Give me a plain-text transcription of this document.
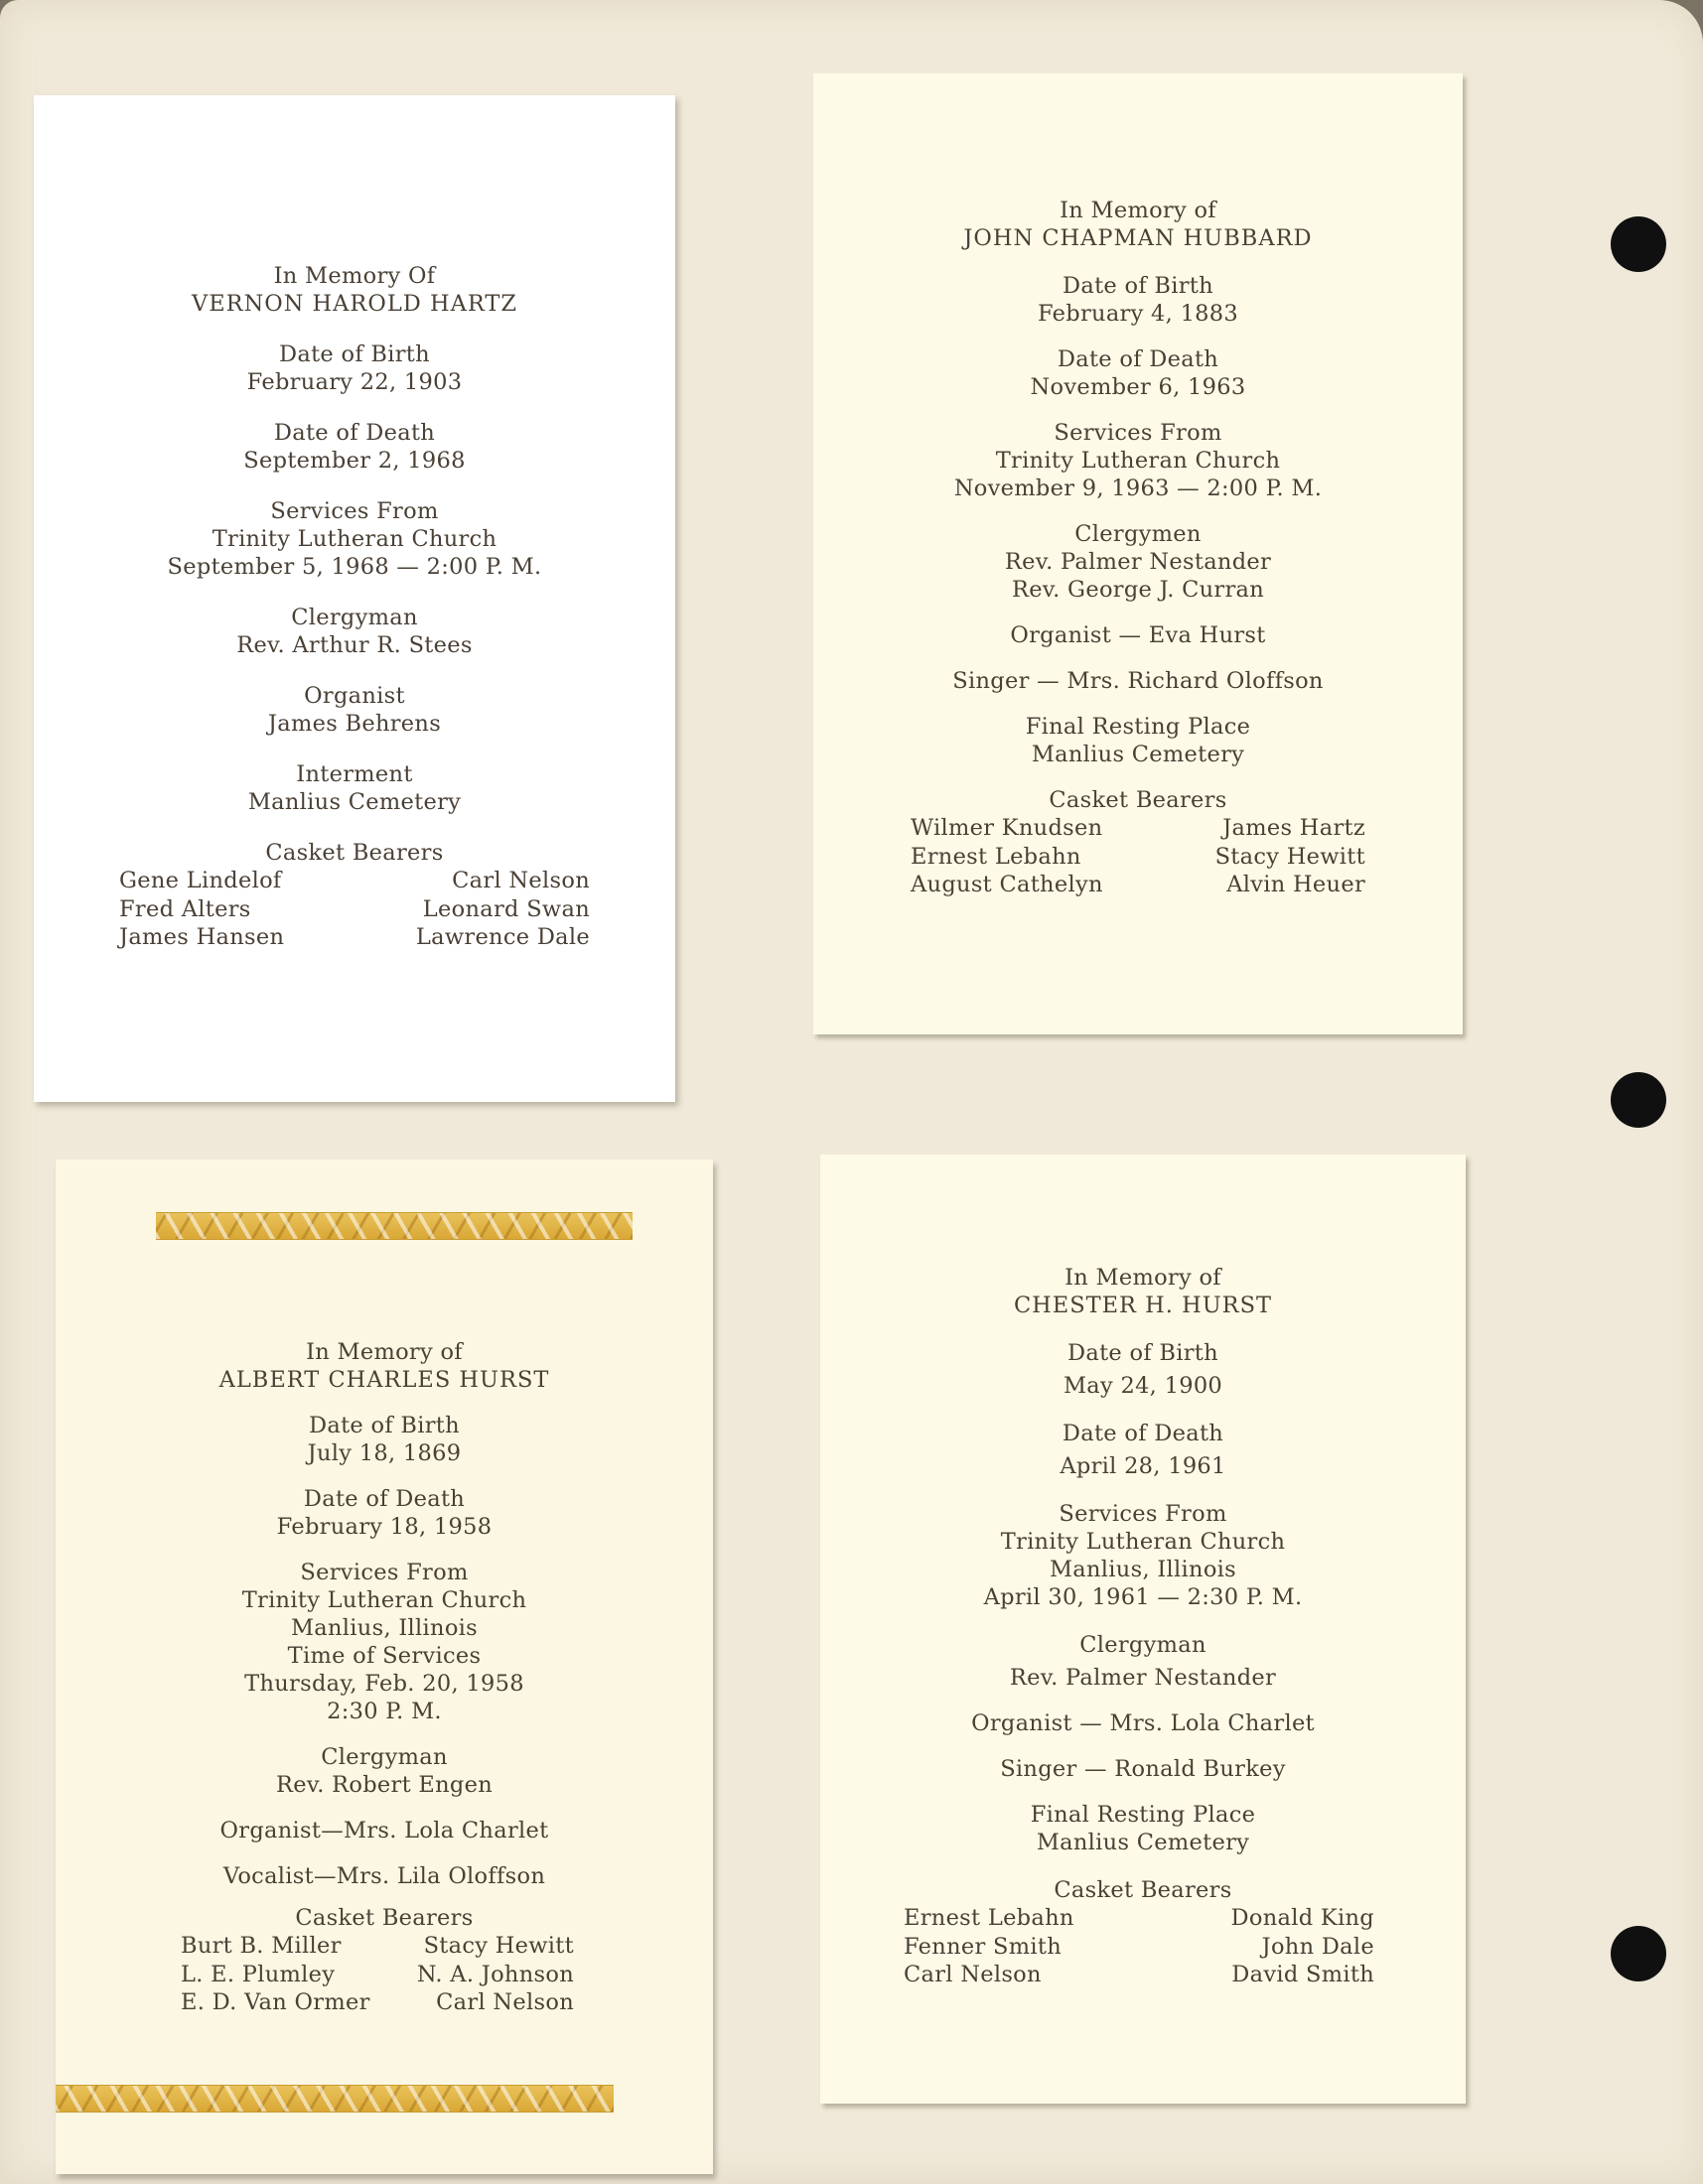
In Memory Of
VERNON HAROLD HARTZ
Date of Birth
February 22, 1903
Date of Death
September 2, 1968
Services From
Trinity Lutheran Church
September 5, 1968 — 2:00 P. M.
Clergyman
Rev. Arthur R. Stees
Organist
James Behrens
Interment
Manlius Cemetery
Casket Bearers
Gene Lindelof	Carl Nelson
Fred Alters	Leonard Swan
James Hansen	Lawrence Dale
In Memory of
JOHN CHAPMAN HUBBARD
Date of Birth
February 4, 1883
Date of Death
November 6, 1963
Services From
Trinity Lutheran Church
November 9, 1963 — 2:00 P. M.
Clergymen
Rev. Palmer Nestander
Rev. George J. Curran
Organist — Eva Hurst
Singer — Mrs. Richard Oloffson
Final Resting Place
Manlius Cemetery
Casket Bearers
Wilmer Knudsen	James Hartz
Ernest Lebahn	Stacy Hewitt
August Cathelyn	Alvin Heuer
In Memory of
ALBERT CHARLES HURST
Date of Birth
July 18, 1869
Date of Death
February 18, 1958
Services From
Trinity Lutheran Church
Manlius, Illinois
Time of Services
Thursday, Feb. 20, 1958
2:30 P. M.
Clergyman
Rev. Robert Engen
Organist—Mrs. Lola Charlet
Vocalist—Mrs. Lila Oloffson
Casket Bearers
Burt B. Miller	Stacy Hewitt
L. E. Plumley	N. A. Johnson
E. D. Van Ormer	Carl Nelson
In Memory of
CHESTER H. HURST
Date of Birth
May 24, 1900
Date of Death
April 28, 1961
Services From
Trinity Lutheran Church
Manlius, Illinois
April 30, 1961 — 2:30 P. M.
Clergyman
Rev. Palmer Nestander
Organist — Mrs. Lola Charlet
Singer — Ronald Burkey
Final Resting Place
Manlius Cemetery
Casket Bearers
Ernest Lebahn	Donald King
Fenner Smith	John Dale
Carl Nelson	David Smith
